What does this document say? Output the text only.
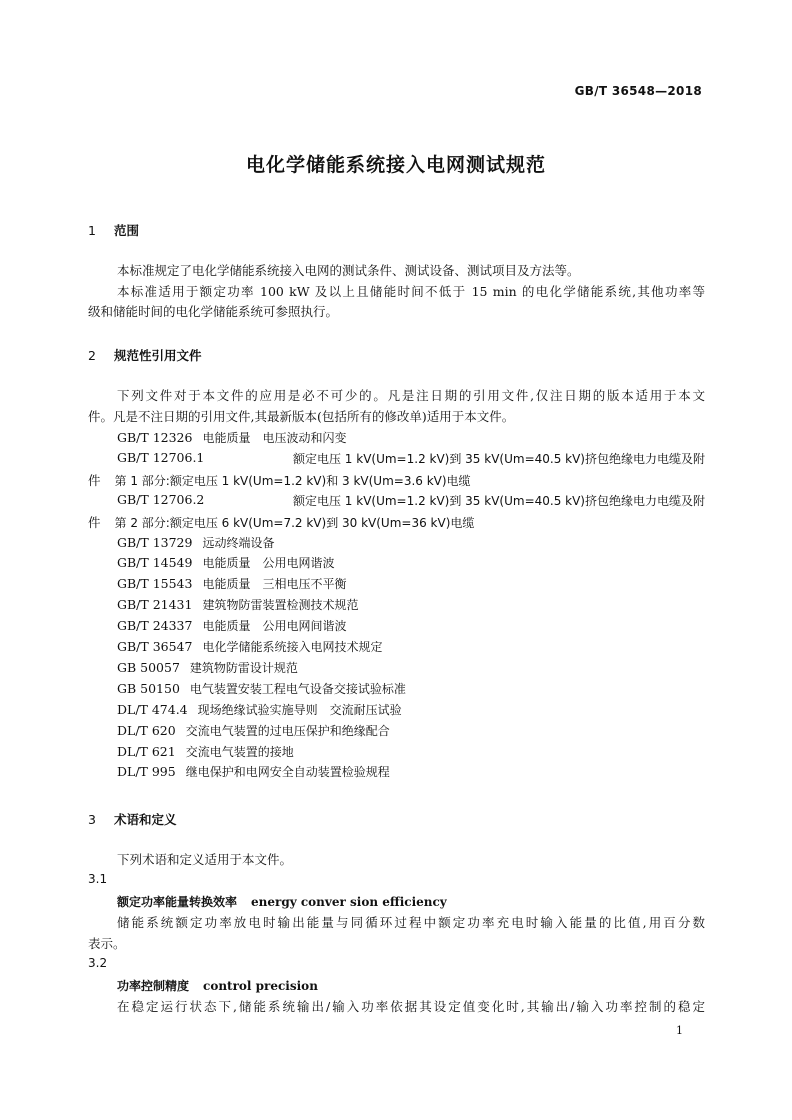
GB/T 36548—2018
电化学储能系统接入电网测试规范
1 范围
本标准规定了电化学储能系统接入电网的测试条件、测试设备、测试项目及方法等。
本标准适用于额定功率 100 kW 及以上且储能时间不低于 15 min 的电化学储能系统,其他功率等
级和储能时间的电化学储能系统可参照执行。
2 规范性引用文件
下列文件对于本文件的应用是必不可少的。凡是注日期的引用文件,仅注日期的版本适用于本文
件。凡是不注日期的引用文件,其最新版本(包括所有的修改单)适用于本文件。
GB/T 12326 电能质量　电压波动和闪变
GB/T 12706.1	额定电压 1 kV(Um=1.2 kV)到 35 kV(Um=40.5 kV)挤包绝缘电力电缆及附
件 第 1 部分:额定电压 1 kV(Um=1.2 kV)和 3 kV(Um=3.6 kV)电缆
GB/T 12706.2	额定电压 1 kV(Um=1.2 kV)到 35 kV(Um=40.5 kV)挤包绝缘电力电缆及附
件 第 2 部分:额定电压 6 kV(Um=7.2 kV)到 30 kV(Um=36 kV)电缆
GB/T 13729 远动终端设备
GB/T 14549 电能质量　公用电网谐波
GB/T 15543 电能质量　三相电压不平衡
GB/T 21431 建筑物防雷装置检测技术规范
GB/T 24337 电能质量　公用电网间谐波
GB/T 36547 电化学储能系统接入电网技术规定
GB 50057 建筑物防雷设计规范
GB 50150 电气装置安装工程电气设备交接试验标准
DL/T 474.4 现场绝缘试验实施导则　交流耐压试验
DL/T 620 交流电气装置的过电压保护和绝缘配合
DL/T 621 交流电气装置的接地
DL/T 995 继电保护和电网安全自动装置检验规程
3 术语和定义
下列术语和定义适用于本文件。
3.1
额定功率能量转换效率 energy conver sion efficiency
储能系统额定功率放电时输出能量与同循环过程中额定功率充电时输入能量的比值,用百分数
表示。
3.2
功率控制精度 control precision
在稳定运行状态下,储能系统输出/输入功率依据其设定值变化时,其输出/输入功率控制的稳定
1
